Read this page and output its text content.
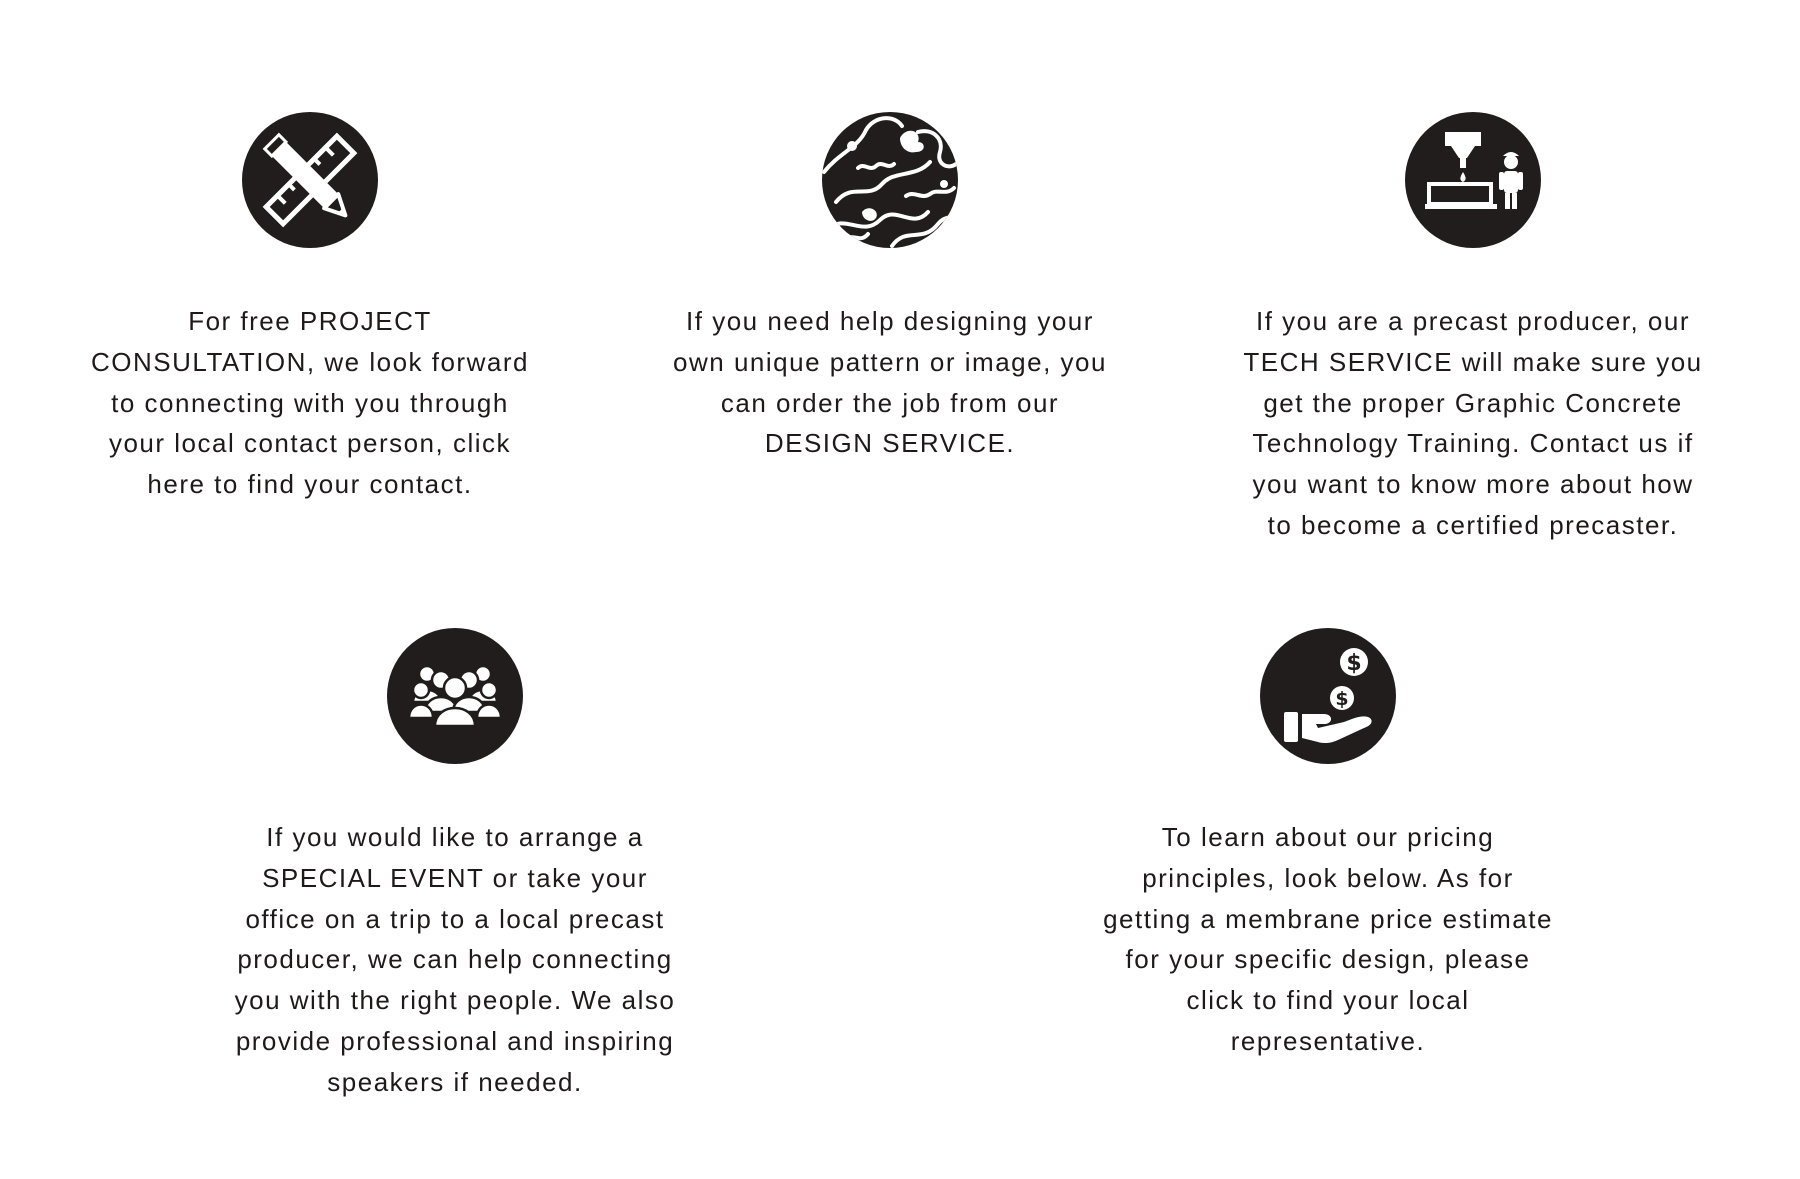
For free PROJECT
CONSULTATION, we look forward
to connecting with you through
your local contact person, click
here to find your contact.

If you need help designing your
own unique pattern or image, you
can order the job from our
DESIGN SERVICE.

If you are a precast producer, our
TECH SERVICE will make sure you
get the proper Graphic Concrete
Technology Training. Contact us if
you want to know more about how
to become a certified precaster.

If you would like to arrange a
SPECIAL EVENT or take your
office on a trip to a local precast
producer, we can help connecting
you with the right people. We also
provide professional and inspiring
speakers if needed.

$
$

To learn about our pricing
principles, look below. As for
getting a membrane price estimate
for your specific design, please
click to find your local
representative.
